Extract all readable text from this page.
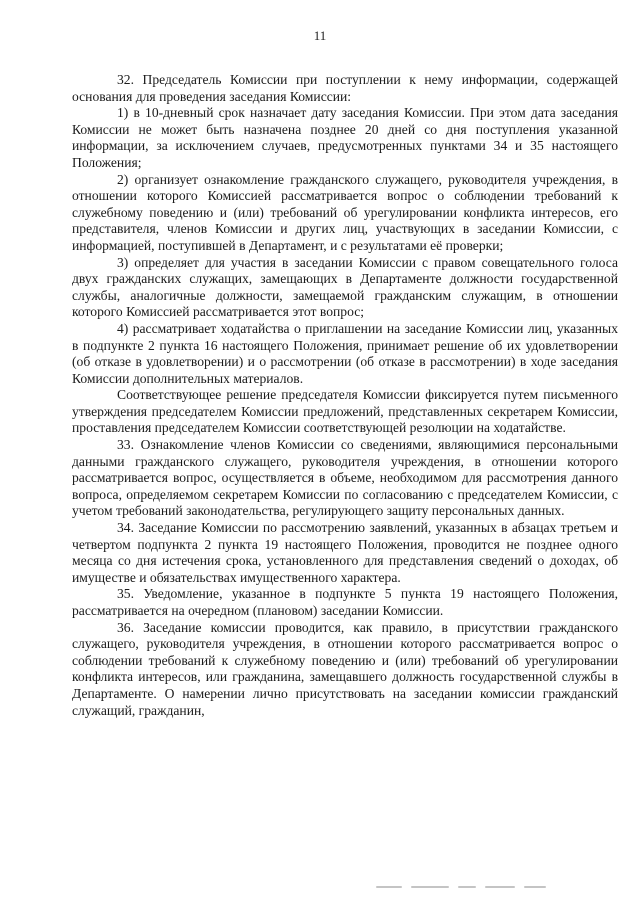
11

32. Председатель Комиссии при поступлении к нему информации, содержащей основания для проведения заседания Комиссии:

1) в 10-дневный срок назначает дату заседания Комиссии. При этом дата заседания Комиссии не может быть назначена позднее 20 дней со дня поступления указанной информации, за исключением случаев, предусмотренных пунктами 34 и 35 настоящего Положения;

2) организует ознакомление гражданского служащего, руководителя учреждения, в отношении которого Комиссией рассматривается вопрос о соблюдении требований к служебному поведению и (или) требований об урегулировании конфликта интересов, его представителя, членов Комиссии и других лиц, участвующих в заседании Комиссии, с информацией, поступившей в Департамент, и с результатами её проверки;

3) определяет для участия в заседании Комиссии с правом совещательного голоса двух гражданских служащих, замещающих в Департаменте должности государственной службы, аналогичные должности, замещаемой гражданским служащим, в отношении которого Комиссией рассматривается этот вопрос;

4) рассматривает ходатайства о приглашении на заседание Комиссии лиц, указанных в подпункте 2 пункта 16 настоящего Положения, принимает решение об их удовлетворении (об отказе в удовлетворении) и о рассмотрении (об отказе в рассмотрении) в ходе заседания Комиссии дополнительных материалов.

Соответствующее решение председателя Комиссии фиксируется путем письменного утверждения председателем Комиссии предложений, представленных секретарем Комиссии, проставления председателем Комиссии соответствующей резолюции на ходатайстве.

33. Ознакомление членов Комиссии со сведениями, являющимися персональными данными гражданского служащего, руководителя учреждения, в отношении которого рассматривается вопрос, осуществляется в объеме, необходимом для рассмотрения данного вопроса, определяемом секретарем Комиссии по согласованию с председателем Комиссии, с учетом требований законодательства, регулирующего защиту персональных данных.

34. Заседание Комиссии по рассмотрению заявлений, указанных в абзацах третьем и четвертом подпункта 2 пункта 19 настоящего Положения, проводится не позднее одного месяца со дня истечения срока, установленного для представления сведений о доходах, об имуществе и обязательствах имущественного характера.

35. Уведомление, указанное в подпункте 5 пункта 19 настоящего Положения, рассматривается на очередном (плановом) заседании Комиссии.

36. Заседание комиссии проводится, как правило, в присутствии гражданского служащего, руководителя учреждения, в отношении которого рассматривается вопрос о соблюдении требований к служебному поведению и (или) требований об урегулировании конфликта интересов, или гражданина, замещавшего должность государственной службы в Департаменте. О намерении лично присутствовать на заседании комиссии гражданский служащий, гражданин,
